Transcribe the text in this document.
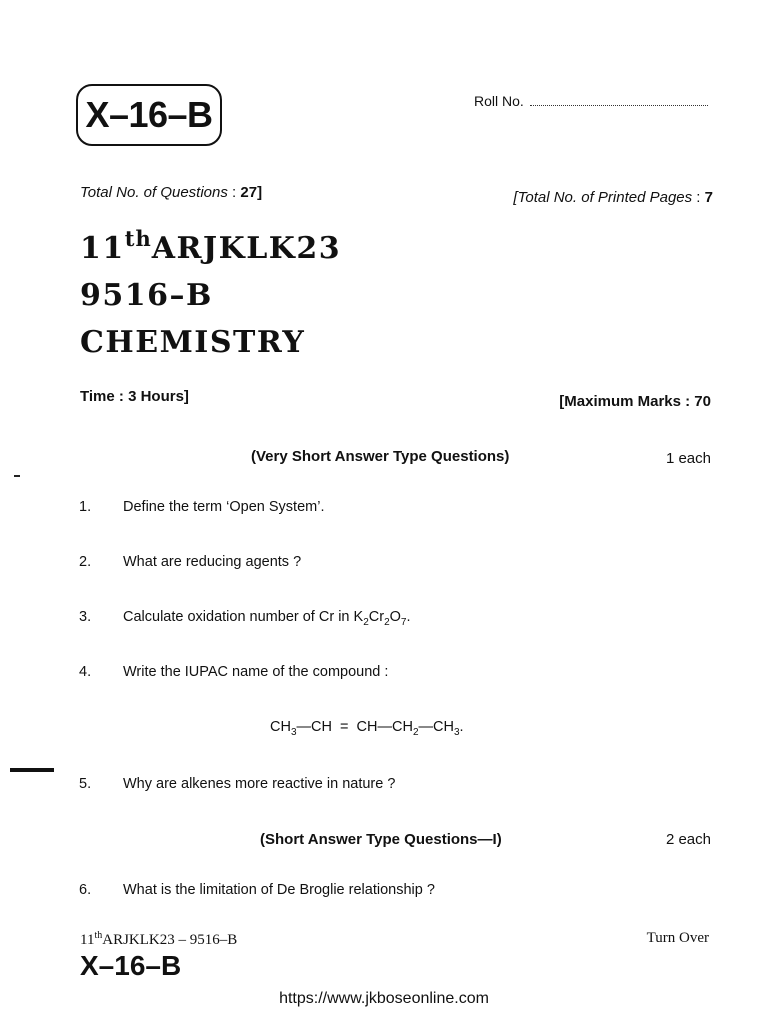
X–16–B	Roll No.
Total No. of Questions : 27]	[Total No. of Printed Pages : 7
11thARJKLK23
9516–B
CHEMISTRY
Time : 3 Hours]	[Maximum Marks : 70
(Very Short Answer Type Questions)	1 each
1. Define the term ‘Open System’.
2. What are reducing agents ?
3. Calculate oxidation number of Cr in $K_2Cr_2O_7$.
4. Write the IUPAC name of the compound :
$CH_3—CH$  =  $CH—CH_2—CH_3$.
5. Why are alkenes more reactive in nature ?
(Short Answer Type Questions—I)	2 each
6. What is the limitation of De Broglie relationship ?
11thARJKLK23 – 9516–B	Turn Over
X–16–B
https://www.jkboseonline.com
